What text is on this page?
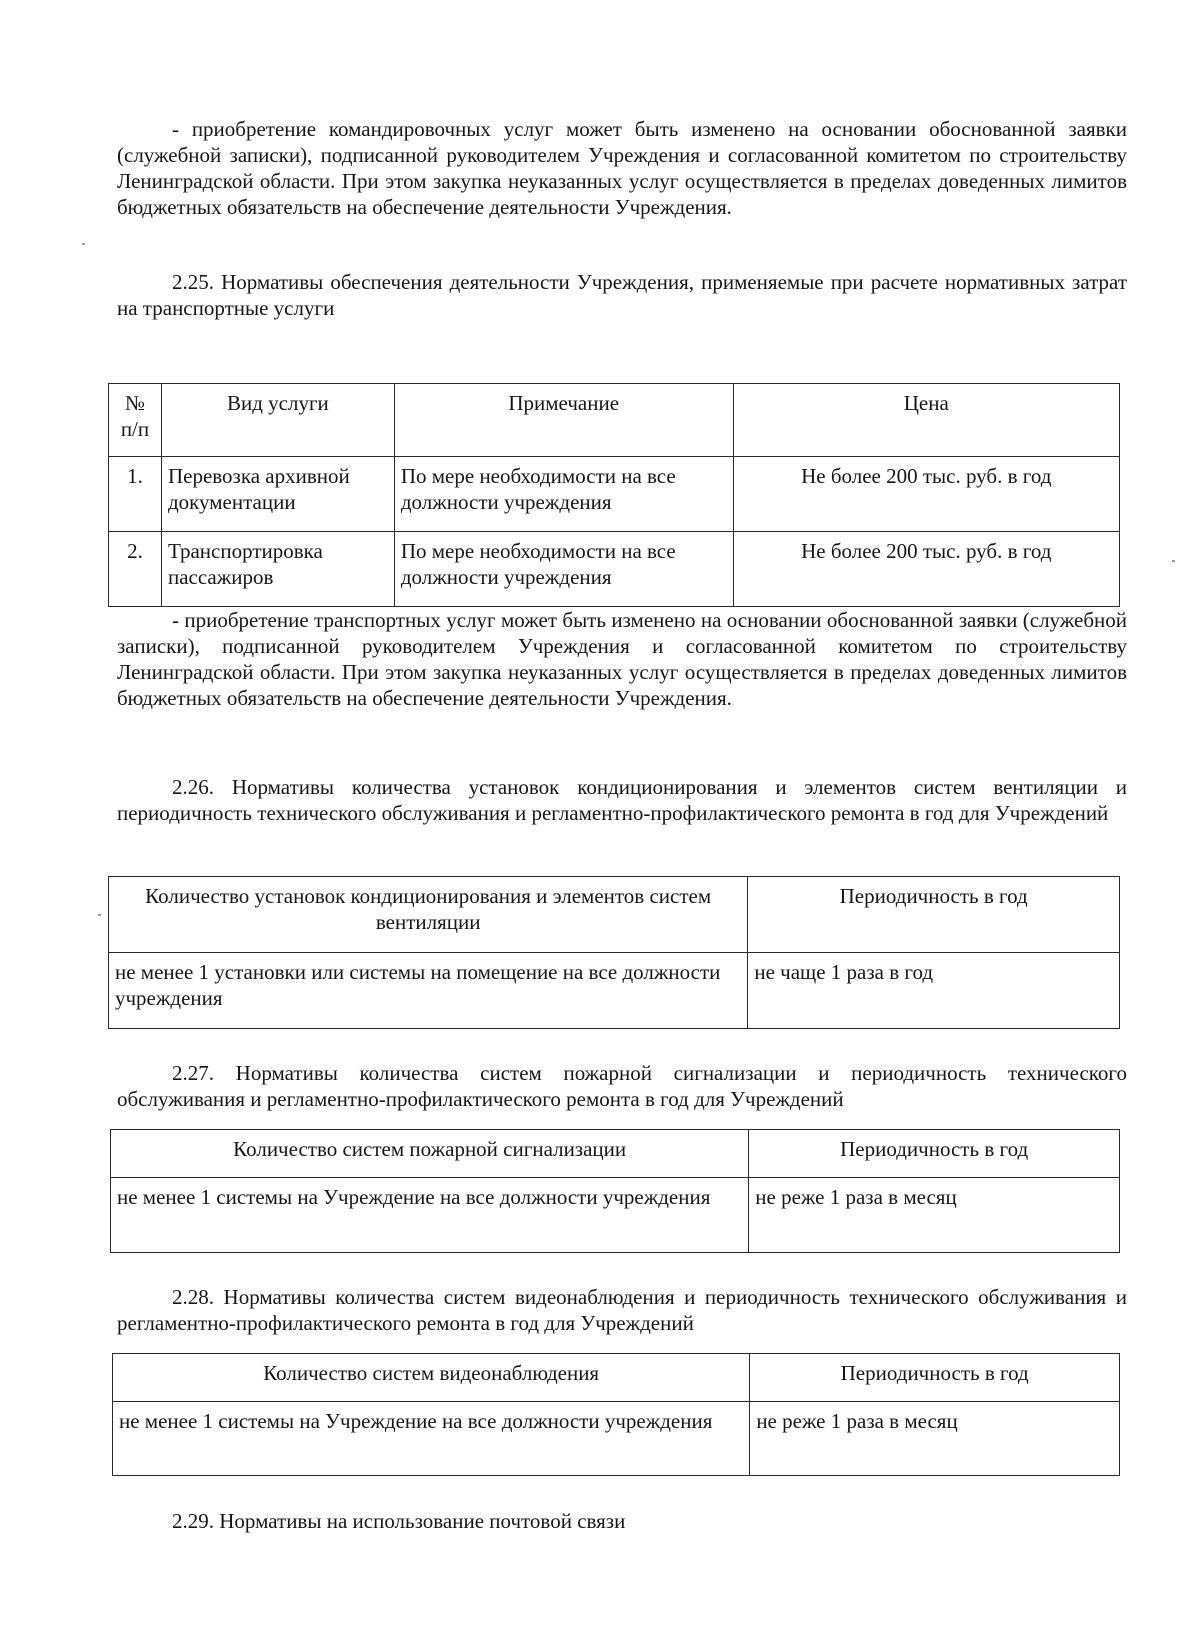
- приобретение командировочных услуг может быть изменено на основании обоснованной заявки (служебной записки), подписанной руководителем Учреждения и согласованной комитетом по строительству Ленинградской области. При этом закупка неуказанных услуг осуществляется в пределах доведенных лимитов бюджетных обязательств на обеспечение деятельности Учреждения.

2.25. Нормативы обеспечения деятельности Учреждения, применяемые при расчете нормативных затрат на транспортные услуги

№ п/п	Вид услуги	Примечание	Цена
1.	Перевозка архивной документации	По мере необходимости на все должности учреждения	Не более 200 тыс. руб. в год
2.	Транспортировка пассажиров	По мере необходимости на все должности учреждения	Не более 200 тыс. руб. в год

- приобретение транспортных услуг может быть изменено на основании обоснованной заявки (служебной записки), подписанной руководителем Учреждения и согласованной комитетом по строительству Ленинградской области. При этом закупка неуказанных услуг осуществляется в пределах доведенных лимитов бюджетных обязательств на обеспечение деятельности Учреждения.

2.26. Нормативы количества установок кондиционирования и элементов систем вентиляции и периодичность технического обслуживания и регламентно-профилактического ремонта в год для Учреждений

Количество установок кондиционирования и элементов систем вентиляции	Периодичность в год
не менее 1 установки или системы на помещение на все должности учреждения	не чаще 1 раза в год

2.27. Нормативы количества систем пожарной сигнализации и периодичность технического обслуживания и регламентно-профилактического ремонта в год для Учреждений

Количество систем пожарной сигнализации	Периодичность в год
не менее 1 системы на Учреждение на все должности учреждения	не реже 1 раза в месяц

2.28. Нормативы количества систем видеонаблюдения и периодичность технического обслуживания и регламентно-профилактического ремонта в год для Учреждений

Количество систем видеонаблюдения	Периодичность в год
не менее 1 системы на Учреждение на все должности учреждения	не реже 1 раза в месяц

2.29. Нормативы на использование почтовой связи
